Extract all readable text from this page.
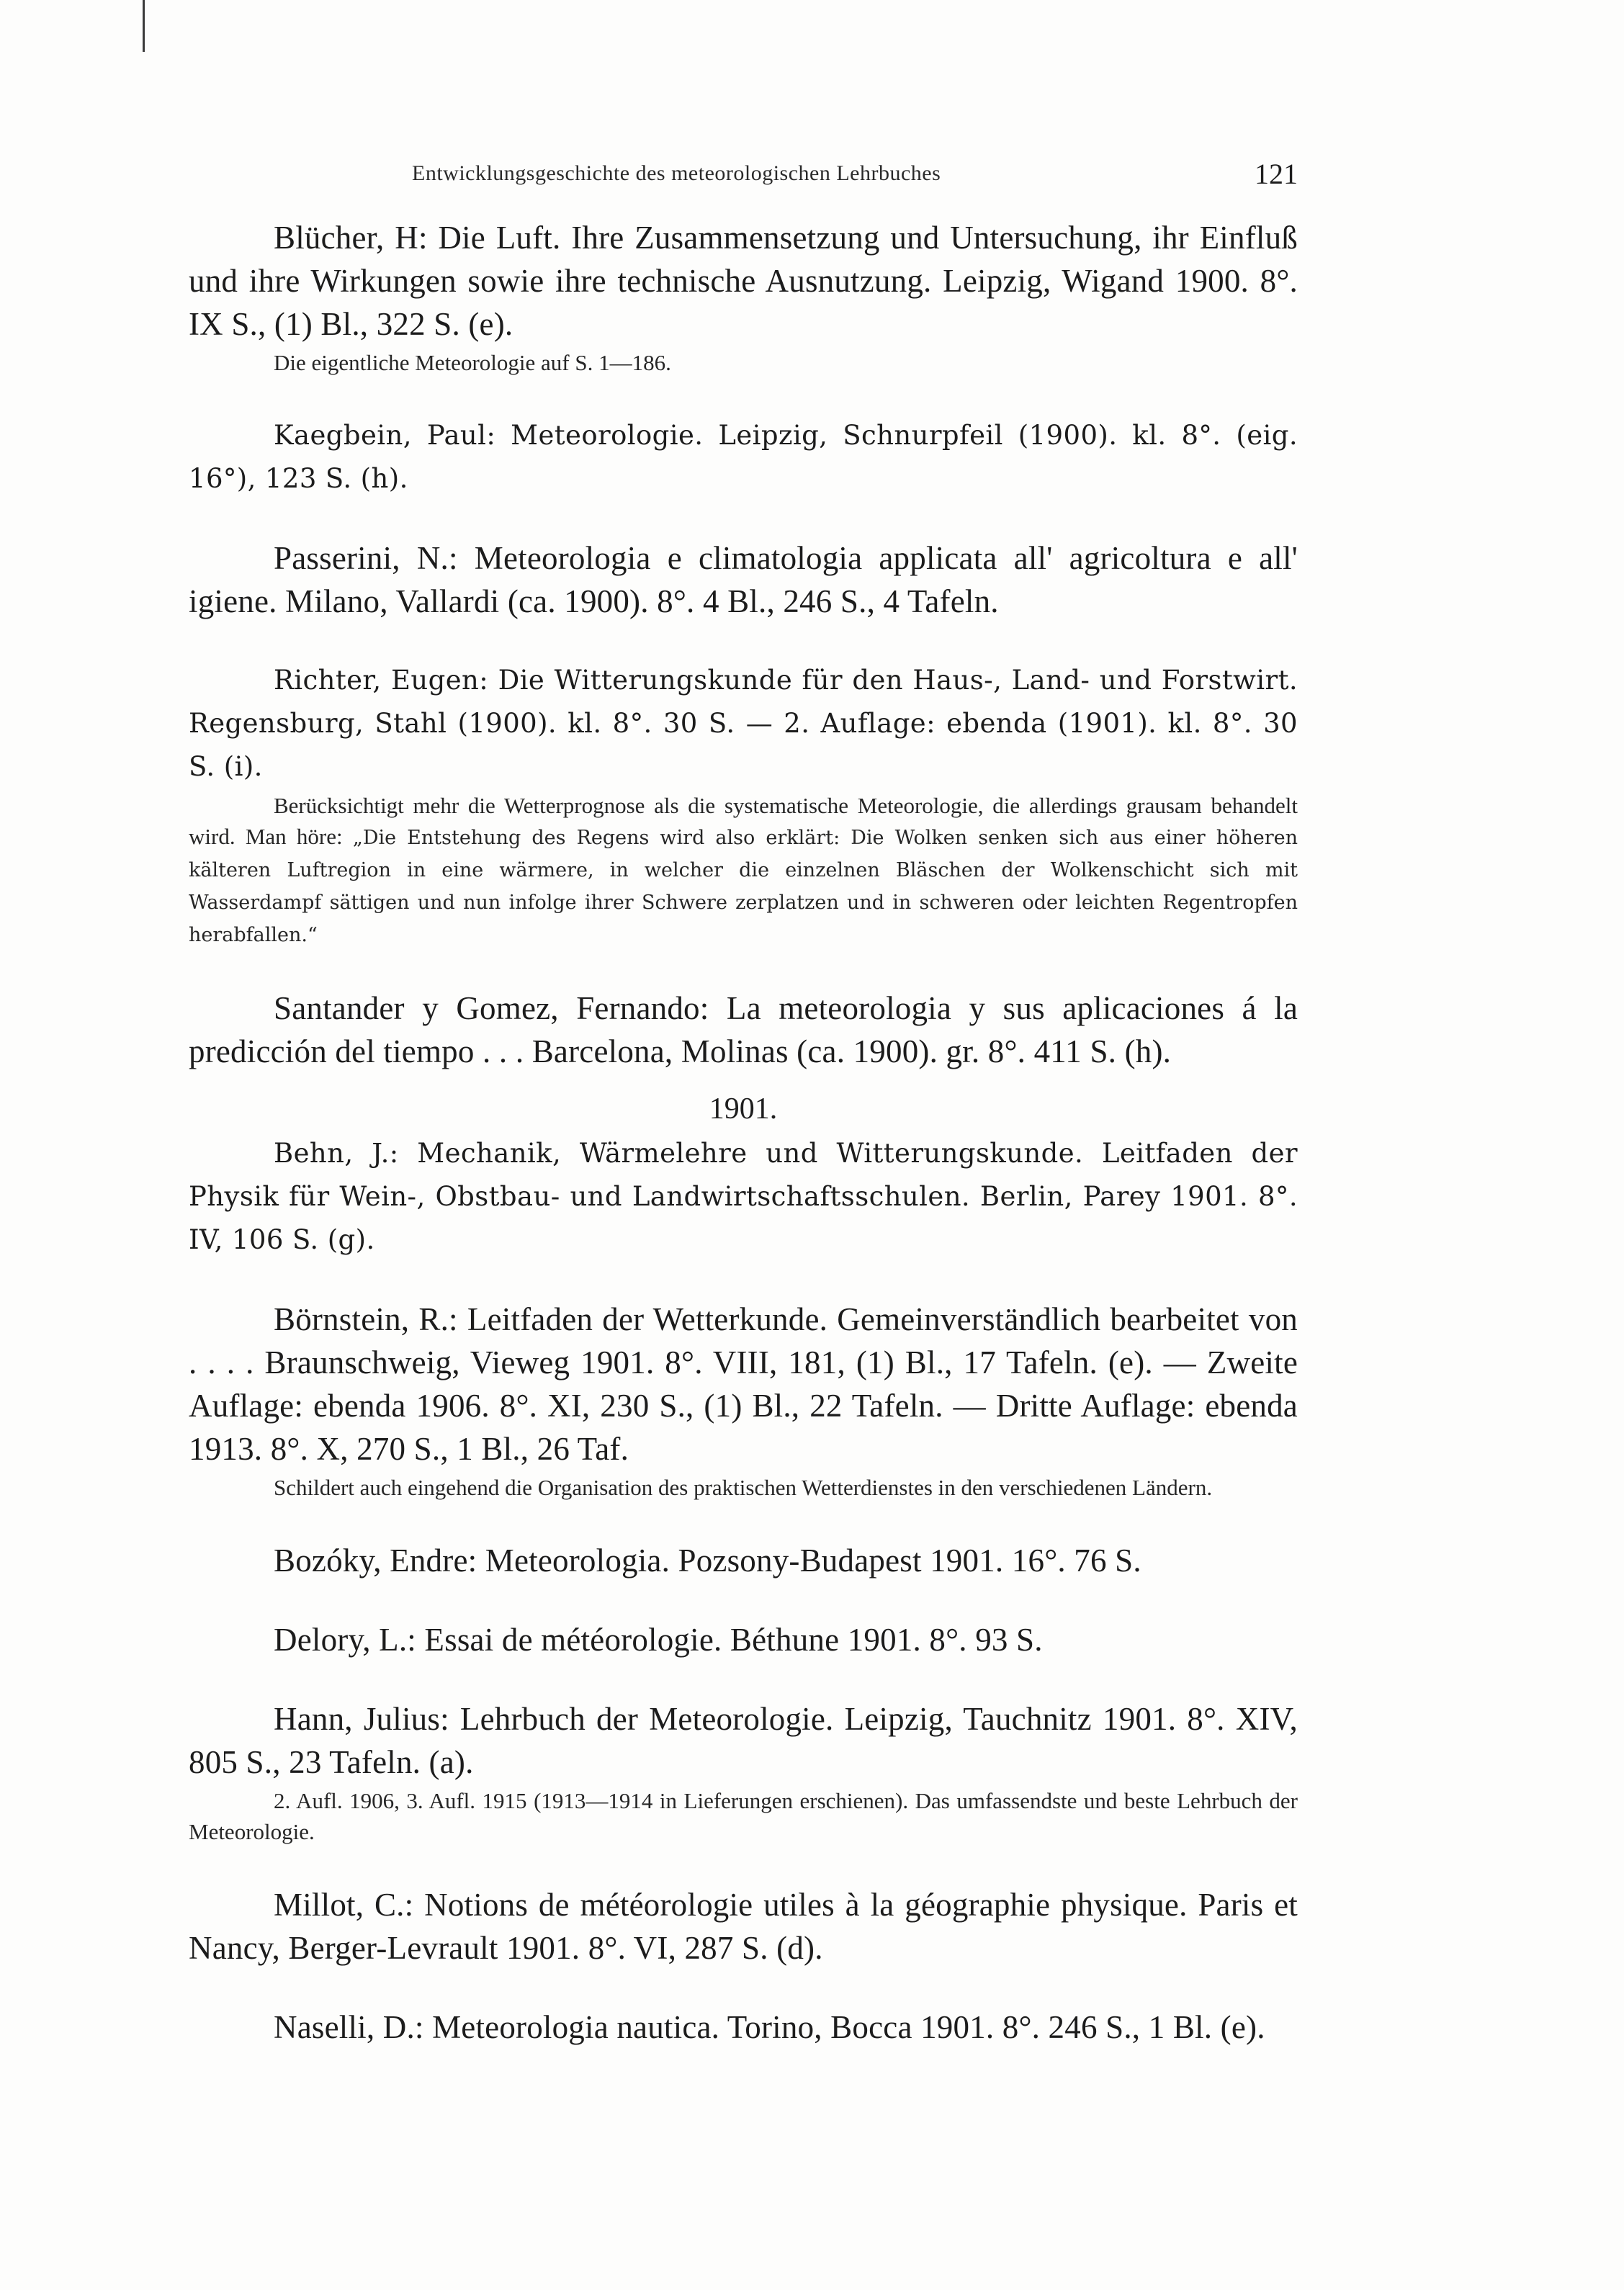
Entwicklungsgeschichte des meteorologischen Lehrbuches	121

Blücher, H: Die Luft. Ihre Zusammensetzung und Untersuchung, ihr Einfluß und ihre Wirkungen sowie ihre technische Ausnutzung. Leipzig, Wigand 1900. 8°. IX S., (1) Bl., 322 S. (e).

Die eigentliche Meteorologie auf S. 1—186.

Kaegbein, Paul: Meteorologie. Leipzig, Schnurpfeil (1900). kl. 8°. (eig. 16°), 123 S. (h).

Passerini, N.: Meteorologia e climatologia applicata all' agricoltura e all' igiene. Milano, Vallardi (ca. 1900). 8°. 4 Bl., 246 S., 4 Tafeln.

Richter, Eugen: Die Witterungskunde für den Haus-, Land- und Forstwirt. Regensburg, Stahl (1900). kl. 8°. 30 S. — 2. Auflage: ebenda (1901). kl. 8°. 30 S. (i).

Berücksichtigt mehr die Wetterprognose als die systematische Meteorologie, die allerdings grausam behandelt wird. Man höre: „Die Entstehung des Regens wird also erklärt: Die Wolken senken sich aus einer höheren kälteren Luftregion in eine wärmere, in welcher die einzelnen Bläschen der Wolkenschicht sich mit Wasserdampf sättigen und nun infolge ihrer Schwere zerplatzen und in schweren oder leichten Regentropfen herabfallen.“

Santander y Gomez, Fernando: La meteorologia y sus aplicaciones á la predicción del tiempo . . . Barcelona, Molinas (ca. 1900). gr. 8°. 411 S. (h).

1901.

Behn, J.: Mechanik, Wärmelehre und Witterungskunde. Leitfaden der Physik für Wein-, Obstbau- und Landwirtschaftsschulen. Berlin, Parey 1901. 8°. IV, 106 S. (g).

Börnstein, R.: Leitfaden der Wetterkunde. Gemeinverständlich bearbeitet von . . . . Braunschweig, Vieweg 1901. 8°. VIII, 181, (1) Bl., 17 Tafeln. (e). — Zweite Auflage: ebenda 1906. 8°. XI, 230 S., (1) Bl., 22 Tafeln. — Dritte Auflage: ebenda 1913. 8°. X, 270 S., 1 Bl., 26 Taf.

Schildert auch eingehend die Organisation des praktischen Wetterdienstes in den verschiedenen Ländern.

Bozóky, Endre: Meteorologia. Pozsony-Budapest 1901. 16°. 76 S.

Delory, L.: Essai de météorologie. Béthune 1901. 8°. 93 S.

Hann, Julius: Lehrbuch der Meteorologie. Leipzig, Tauchnitz 1901. 8°. XIV, 805 S., 23 Tafeln. (a).

2. Aufl. 1906, 3. Aufl. 1915 (1913—1914 in Lieferungen erschienen). Das umfassendste und beste Lehrbuch der Meteorologie.

Millot, C.: Notions de météorologie utiles à la géographie physique. Paris et Nancy, Berger-Levrault 1901. 8°. VI, 287 S. (d).

Naselli, D.: Meteorologia nautica. Torino, Bocca 1901. 8°. 246 S., 1 Bl. (e).
